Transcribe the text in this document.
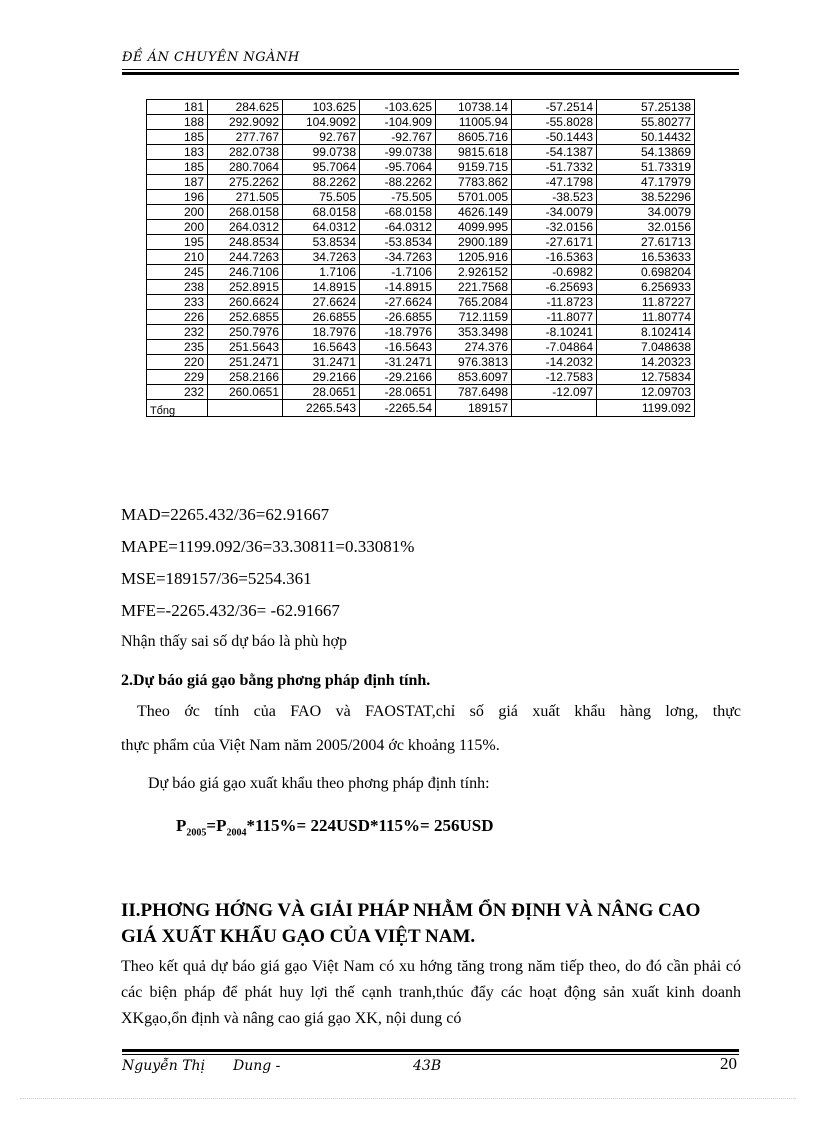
ĐỀ ÁN CHUYÊN NGÀNH
181	284.625	103.625	-103.625	10738.14	-57.2514	57.25138
188	292.9092	104.9092	-104.909	11005.94	-55.8028	55.80277
185	277.767	92.767	-92.767	8605.716	-50.1443	50.14432
183	282.0738	99.0738	-99.0738	9815.618	-54.1387	54.13869
185	280.7064	95.7064	-95.7064	9159.715	-51.7332	51.73319
187	275.2262	88.2262	-88.2262	7783.862	-47.1798	47.17979
196	271.505	75.505	-75.505	5701.005	-38.523	38.52296
200	268.0158	68.0158	-68.0158	4626.149	-34.0079	34.0079
200	264.0312	64.0312	-64.0312	4099.995	-32.0156	32.0156
195	248.8534	53.8534	-53.8534	2900.189	-27.6171	27.61713
210	244.7263	34.7263	-34.7263	1205.916	-16.5363	16.53633
245	246.7106	1.7106	-1.7106	2.926152	-0.6982	0.698204
238	252.8915	14.8915	-14.8915	221.7568	-6.25693	6.256933
233	260.6624	27.6624	-27.6624	765.2084	-11.8723	11.87227
226	252.6855	26.6855	-26.6855	712.1159	-11.8077	11.80774
232	250.7976	18.7976	-18.7976	353.3498	-8.10241	8.102414
235	251.5643	16.5643	-16.5643	274.376	-7.04864	7.048638
220	251.2471	31.2471	-31.2471	976.3813	-14.2032	14.20323
229	258.2166	29.2166	-29.2166	853.6097	-12.7583	12.75834
232	260.0651	28.0651	-28.0651	787.6498	-12.097	12.09703
Tổng		2265.543	-2265.54	189157		1199.092
MAD=2265.432/36=62.91667
MAPE=1199.092/36=33.30811=0.33081%
MSE=189157/36=5254.361
MFE=-2265.432/36= -62.91667
Nhận thấy sai số dự báo là phù hợp
2.Dự báo giá gạo bằng phơng pháp định tính.
Theo ớc tính của FAO và FAOSTAT,chỉ số giá xuất khẩu hàng lơng, thực
thực phẩm của Việt Nam năm 2005/2004 ớc khoảng 115%.
Dự báo giá gạo xuất khẩu theo phơng pháp định tính:
$P_{2005}=P_{2004}*115\%= 224USD*115\%= 256USD$
II.PHƠNG HỚNG VÀ GIẢI PHÁP NHẰM ỔN ĐỊNH VÀ NÂNG CAO
GIÁ XUẤT KHẨU GẠO CỦA VIỆT NAM.
Theo kết quả dự báo giá gạo Việt Nam có xu hớng tăng trong năm tiếp theo, do đó cần phải có các biện pháp để phát huy lợi thế cạnh tranh,thúc đẩy các hoạt động sản xuất kinh doanh XKgạo,ổn định và nâng cao giá gạo XK, nội dung có
Nguyễn Thị Dung -	43B	20
